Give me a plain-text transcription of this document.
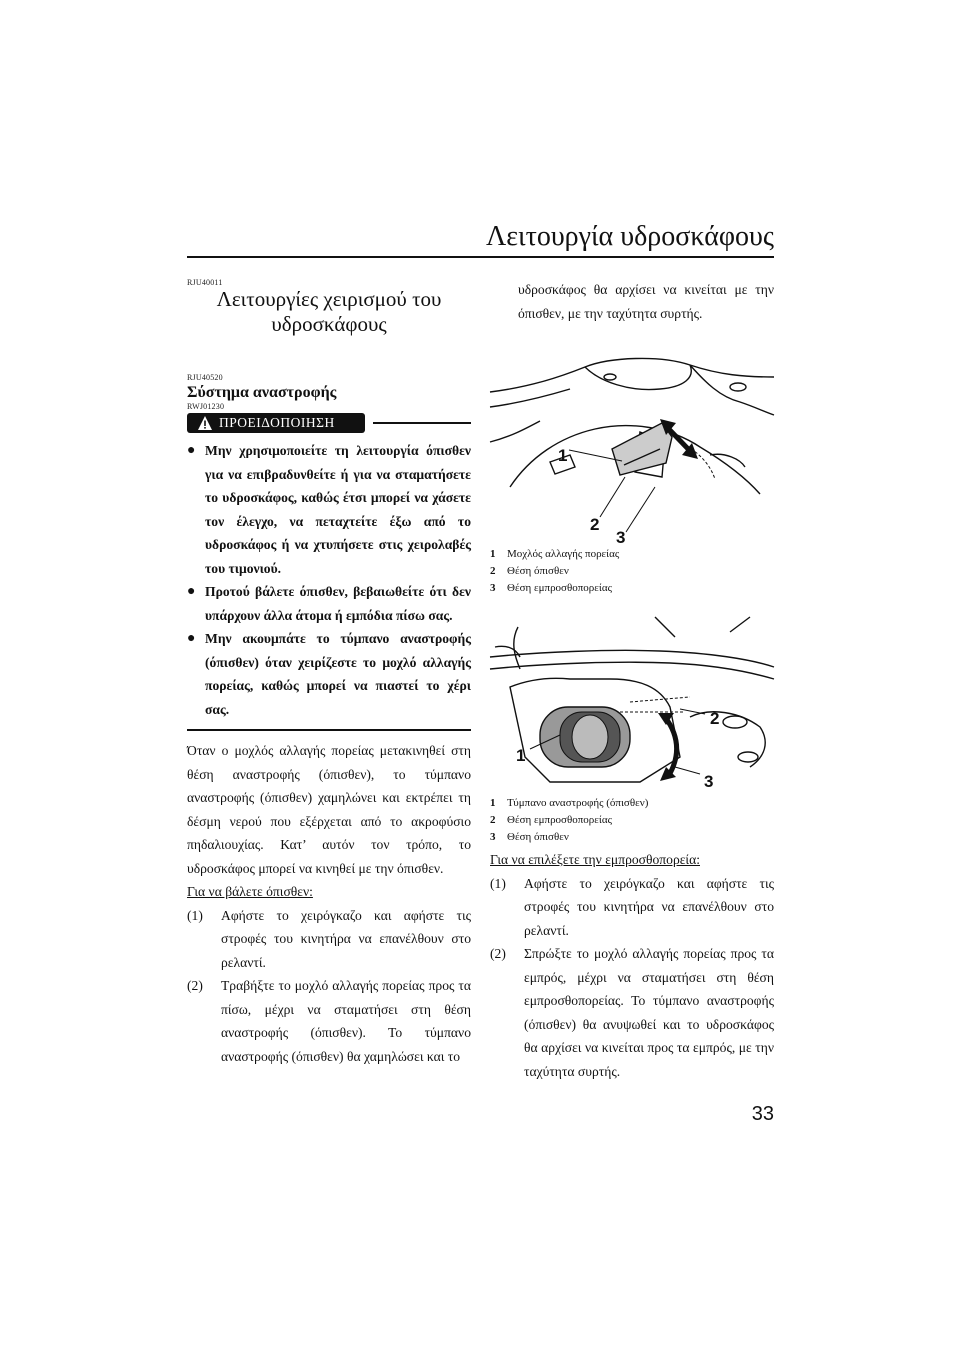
Λειτουργία υδροσκάφους
RJU40011
Λειτουργίες χειρισμού του
υδροσκάφους
RJU40520
Σύστημα αναστροφής
RWJ01230
ΠΡΟΕΙΔΟΠΟΙΗΣΗ
● Μην χρησιμοποιείτε τη λειτουργία όπισθεν για να επιβραδυνθείτε ή για να σταματήσετε το υδροσκάφος, καθώς έτσι μπορεί να χάσετε τον έλεγχο, να πεταχτείτε έξω από το υδροσκάφος ή να χτυπήσετε στις χειρολαβές του τιμονιού.
● Προτού βάλετε όπισθεν, βεβαιωθείτε ότι δεν υπάρχουν άλλα άτομα ή εμπόδια πίσω σας.
● Μην ακουμπάτε το τύμπανο αναστροφής (όπισθεν) όταν χειρίζεστε το μοχλό αλλαγής πορείας, καθώς μπορεί να πιαστεί το χέρι σας.

Όταν ο μοχλός αλλαγής πορείας μετακινηθεί στη θέση αναστροφής (όπισθεν), το τύμπανο αναστροφής (όπισθεν) χαμηλώνει και εκτρέπει τη δέσμη νερού που εξέρχεται από το ακροφύσιο πηδαλιουχίας. Κατ’ αυτόν τον τρόπο, το υδροσκάφος μπορεί να κινηθεί με την όπισθεν.

Για να βάλετε όπισθεν:

(1) Αφήστε το χειρόγκαζο και αφήστε τις στροφές του κινητήρα να επανέλθουν στο ρελαντί.
(2) Τραβήξτε το μοχλό αλλαγής πορείας προς τα πίσω, μέχρι να σταματήσει στη θέση αναστροφής (όπισθεν). Το τύμπανο αναστροφής (όπισθεν) θα χαμηλώσει και το

υδροσκάφος θα αρχίσει να κινείται με την όπισθεν, με την ταχύτητα συρτής.

1
2
3
1 Μοχλός αλλαγής πορείας
2 Θέση όπισθεν
3 Θέση εμπροσθοπορείας
1
2
3
1 Τύμπανο αναστροφής (όπισθεν)
2 Θέση εμπροσθοπορείας
3 Θέση όπισθεν

Για να επιλέξετε την εμπροσθοπορεία:

(1) Αφήστε το χειρόγκαζο και αφήστε τις στροφές του κινητήρα να επανέλθουν στο ρελαντί.
(2) Σπρώξτε το μοχλό αλλαγής πορείας προς τα εμπρός, μέχρι να σταματήσει στη θέση εμπροσθοπορείας. Το τύμπανο αναστροφής (όπισθεν) θα ανυψωθεί και το υδροσκάφος θα αρχίσει να κινείται προς τα εμπρός, με την ταχύτητα συρτής.
33
